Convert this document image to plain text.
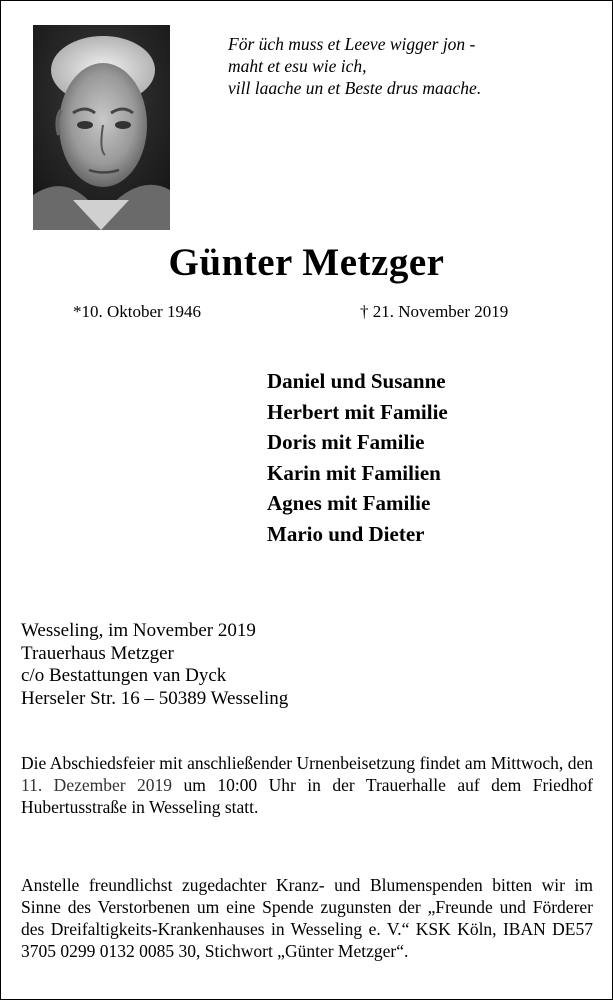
För üch muss et Leeve wigger jon -
maht et esu wie ich,
vill laache un et Beste drus maache.
Günter Metzger
*10. Oktober 1946	† 21. November 2019
Daniel und Susanne
Herbert mit Familie
Doris mit Familie
Karin mit Familien
Agnes mit Familie
Mario und Dieter
Wesseling, im November 2019
Trauerhaus Metzger
c/o Bestattungen van Dyck
Herseler Str. 16 – 50389 Wesseling
Die Abschiedsfeier mit anschließender Urnenbeisetzung findet am Mittwoch, den 11. Dezember 2019 um 10:00 Uhr in der Trauerhalle auf dem Friedhof Hubertusstraße in Wesseling statt.
Anstelle freundlichst zugedachter Kranz- und Blumenspenden bitten wir im Sinne des Verstorbenen um eine Spende zugunsten der „Freunde und Förderer des Dreifaltigkeits-Krankenhauses in Wesseling e. V.“ KSK Köln, IBAN DE57 3705 0299 0132 0085 30, Stichwort „Günter Metzger“.
